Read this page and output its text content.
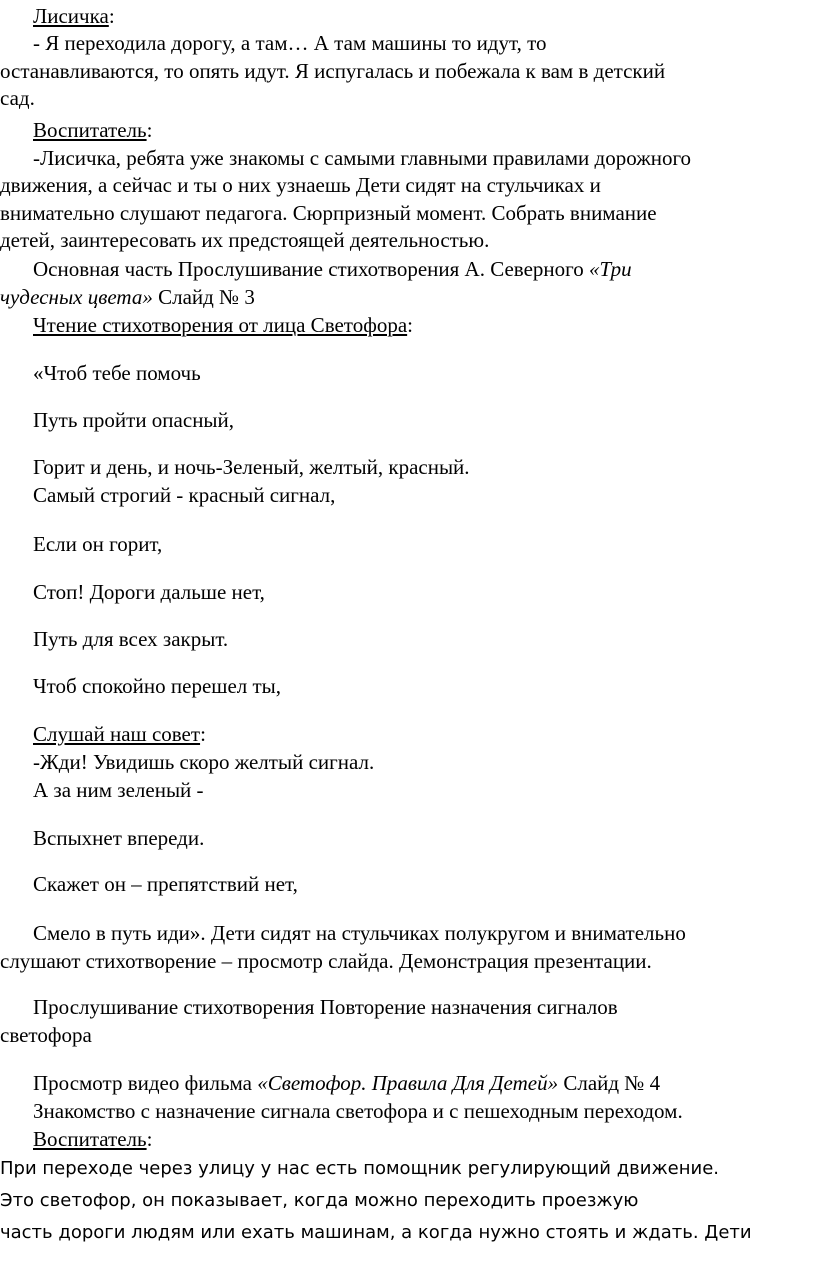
Лисичка:
- Я переходила дорогу, а там… А там машины то идут, то
останавливаются, то опять идут. Я испугалась и побежала к вам в детский
сад.
Воспитатель:
-Лисичка, ребята уже знакомы с самыми главными правилами дорожного
движения, а сейчас и ты о них узнаешь Дети сидят на стульчиках и
внимательно слушают педагога. Сюрпризный момент. Собрать внимание
детей, заинтересовать их предстоящей деятельностью.
Основная часть Прослушивание стихотворения А. Северного «Три
чудесных цвета» Слайд № 3
Чтение стихотворения от лица Светофора:
«Чтоб тебе помочь
Путь пройти опасный,
Горит и день, и ночь-Зеленый, желтый, красный.
Самый строгий - красный сигнал,
Если он горит,
Стоп! Дороги дальше нет,
Путь для всех закрыт.
Чтоб спокойно перешел ты,
Слушай наш совет:
-Жди! Увидишь скоро желтый сигнал.
А за ним зеленый -
Вспыхнет впереди.
Скажет он – препятствий нет,
Смело в путь иди». Дети сидят на стульчиках полукругом и внимательно
слушают стихотворение – просмотр слайда. Демонстрация презентации.
Прослушивание стихотворения Повторение назначения сигналов
светофора
Просмотр видео фильма «Светофор. Правила Для Детей» Слайд № 4
Знакомство с назначение сигнала светофора и с пешеходным переходом.
Воспитатель:
При переходе через улицу у нас есть помощник регулирующий движение.
Это светофор, он показывает, когда можно переходить проезжую
часть дороги людям или ехать машинам, а когда нужно стоять и ждать. Дети
